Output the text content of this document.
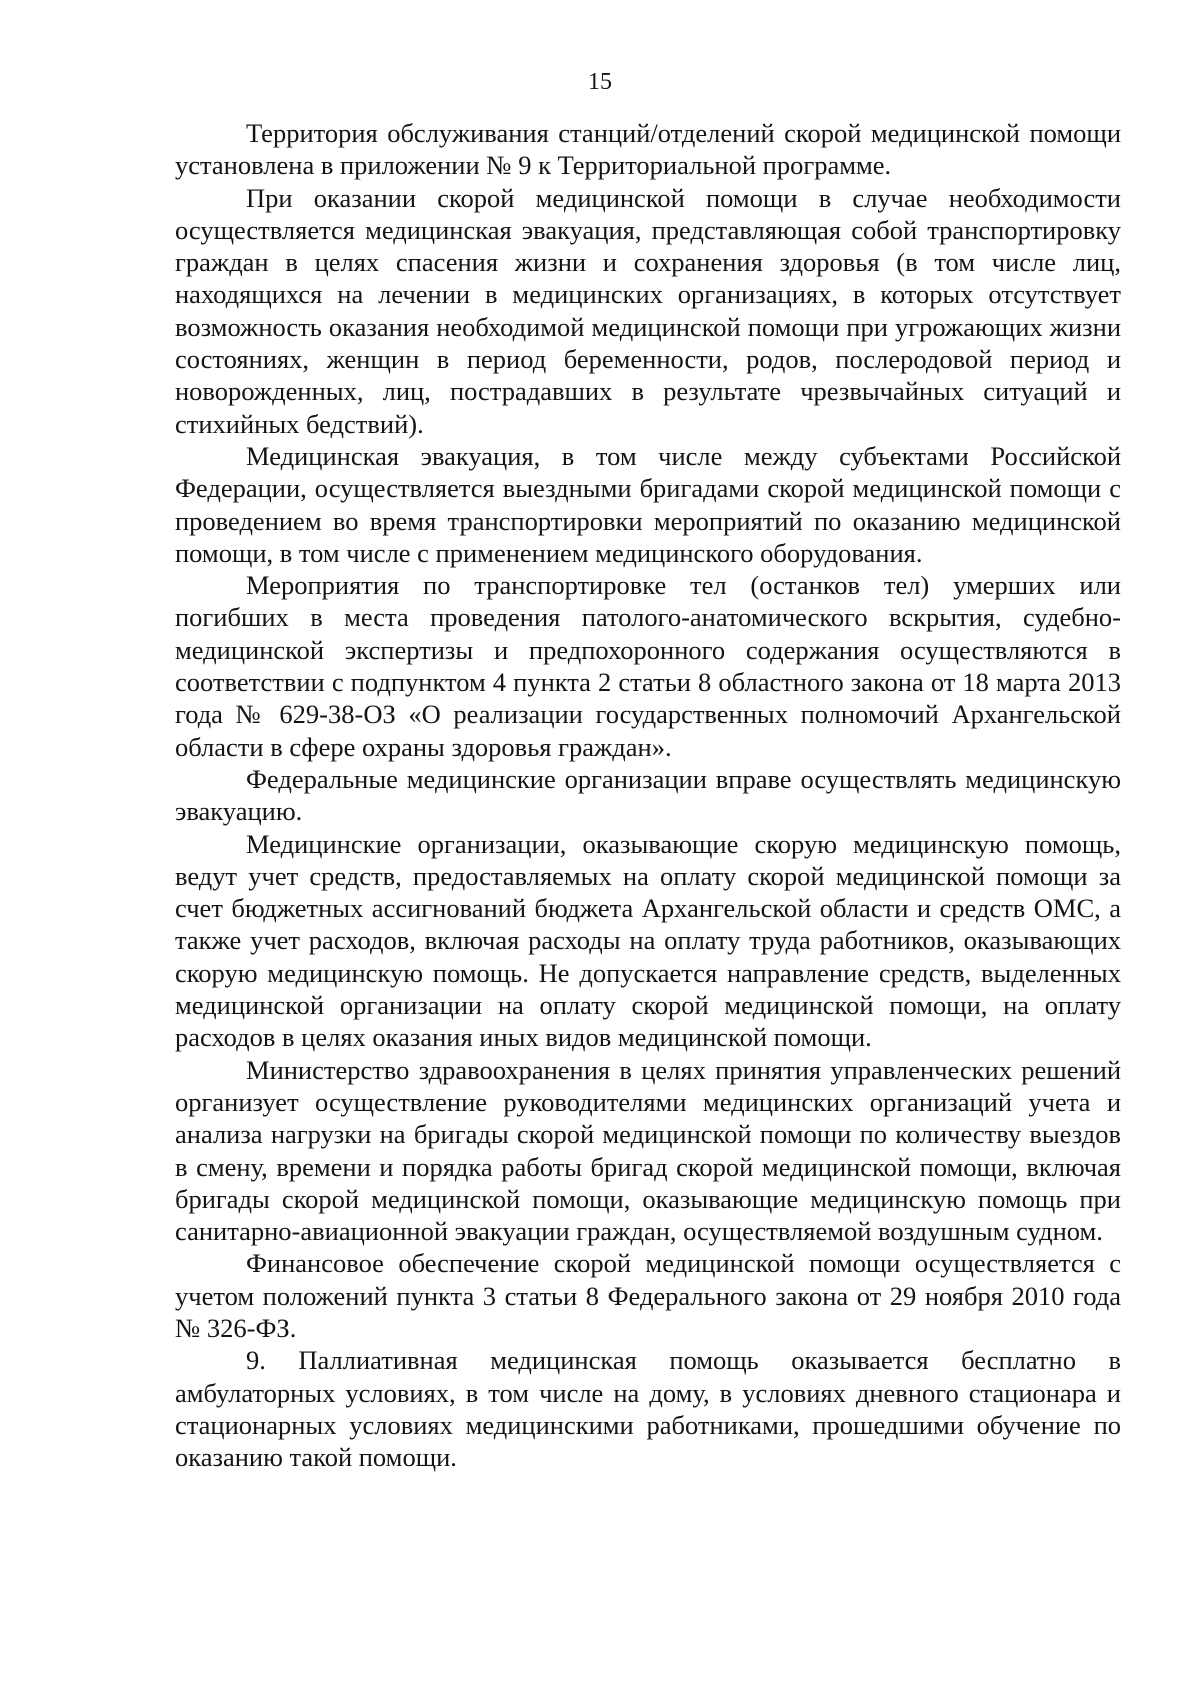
15

Территория обслуживания станций/отделений скорой медицинской помощи установлена в приложении № 9 к Территориальной программе.

При оказании скорой медицинской помощи в случае необходимости осуществляется медицинская эвакуация, представляющая собой транспортировку граждан в целях спасения жизни и сохранения здоровья (в том числе лиц, находящихся на лечении в медицинских организациях, в которых отсутствует возможность оказания необходимой медицинской помощи при угрожающих жизни состояниях, женщин в период беременности, родов, послеродовой период и новорожденных, лиц, пострадавших в результате чрезвычайных ситуаций и стихийных бедствий).

Медицинская эвакуация, в том числе между субъектами Российской Федерации, осуществляется выездными бригадами скорой медицинской помощи с проведением во время транспортировки мероприятий по оказанию медицинской помощи, в том числе с применением медицинского оборудования.

Мероприятия по транспортировке тел (останков тел) умерших или погибших в места проведения патолого-анатомического вскрытия, судебно-медицинской экспертизы и предпохоронного содержания осуществляются в соответствии с подпунктом 4 пункта 2 статьи 8 областного закона от 18 марта 2013 года № 629-38-ОЗ «О реализации государственных полномочий Архангельской области в сфере охраны здоровья граждан».

Федеральные медицинские организации вправе осуществлять медицинскую эвакуацию.

Медицинские организации, оказывающие скорую медицинскую помощь, ведут учет средств, предоставляемых на оплату скорой медицинской помощи за счет бюджетных ассигнований бюджета Архангельской области и средств ОМС, а также учет расходов, включая расходы на оплату труда работников, оказывающих скорую медицинскую помощь. Не допускается направление средств, выделенных медицинской организации на оплату скорой медицинской помощи, на оплату расходов в целях оказания иных видов медицинской помощи.

Министерство здравоохранения в целях принятия управленческих решений организует осуществление руководителями медицинских организаций учета и анализа нагрузки на бригады скорой медицинской помощи по количеству выездов в смену, времени и порядка работы бригад скорой медицинской помощи, включая бригады скорой медицинской помощи, оказывающие медицинскую помощь при санитарно-авиационной эвакуации граждан, осуществляемой воздушным судном.

Финансовое обеспечение скорой медицинской помощи осуществляется с учетом положений пункта 3 статьи 8 Федерального закона от 29 ноября 2010 года № 326-ФЗ.

9. Паллиативная медицинская помощь оказывается бесплатно в амбулаторных условиях, в том числе на дому, в условиях дневного стационара и стационарных условиях медицинскими работниками, прошедшими обучение по оказанию такой помощи.
